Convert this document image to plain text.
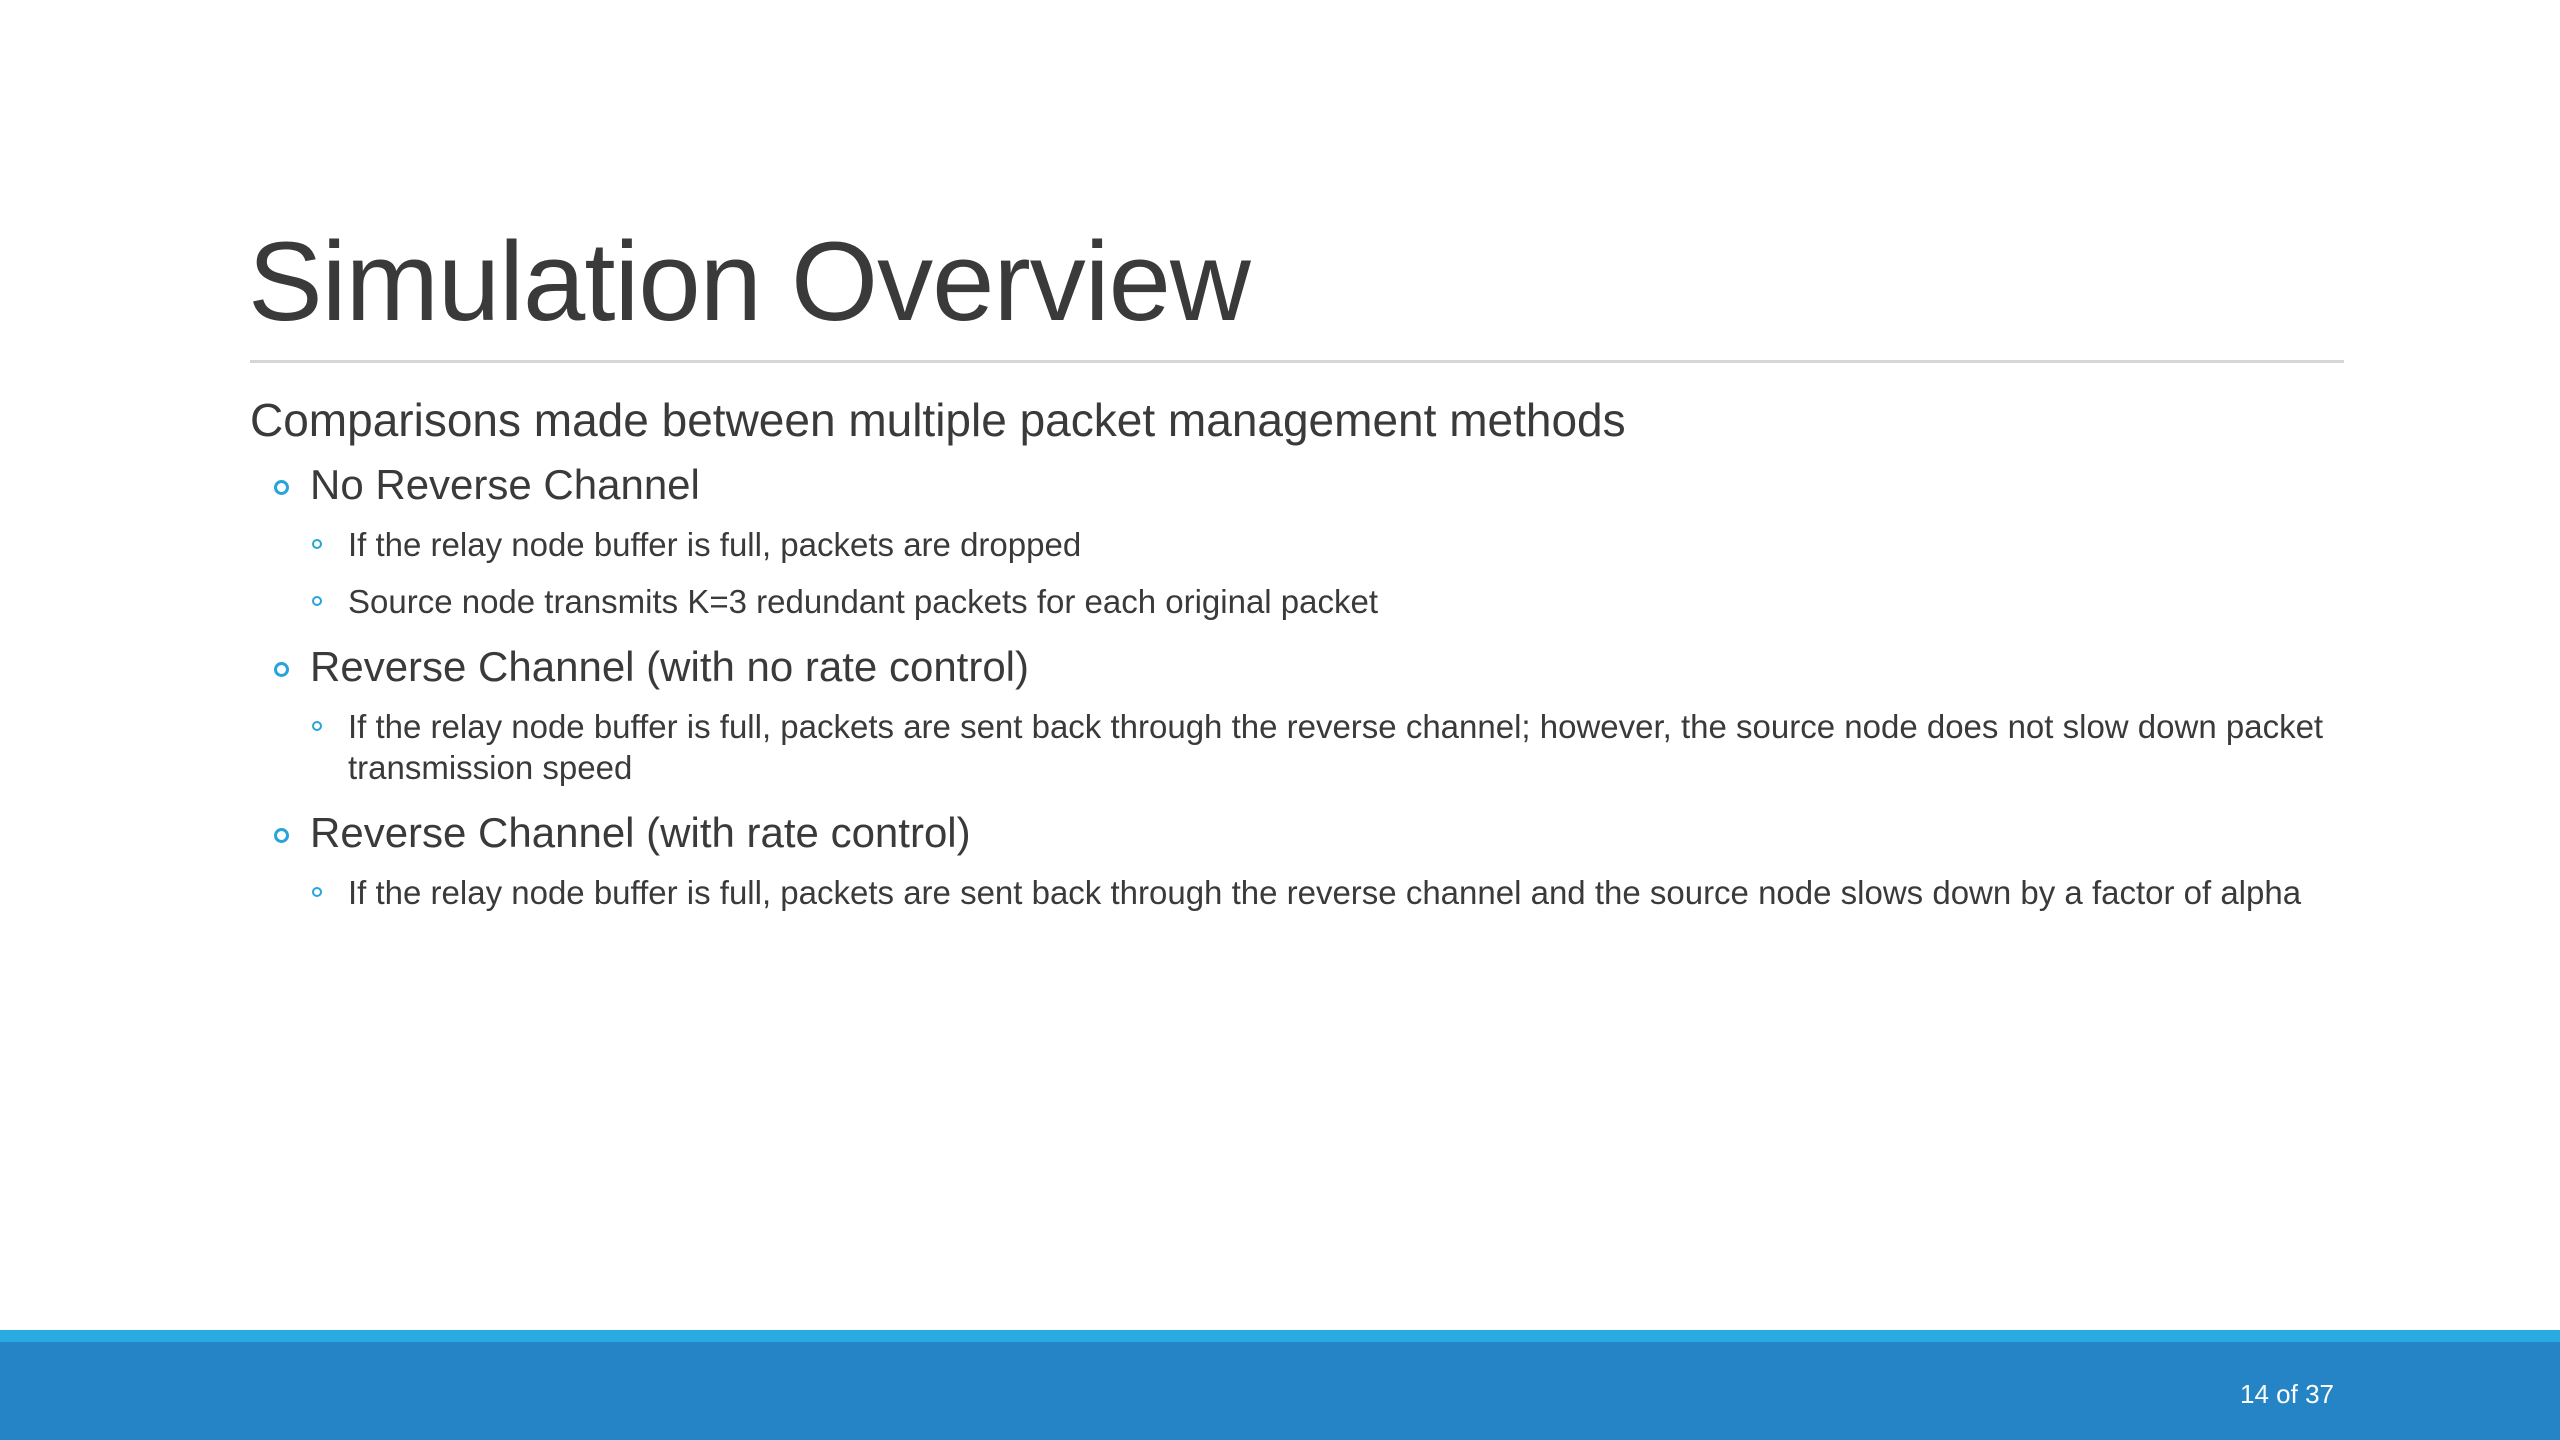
Simulation Overview
Comparisons made between multiple packet management methods
No Reverse Channel
If the relay node buffer is full, packets are dropped
Source node transmits K=3 redundant packets for each original packet
Reverse Channel (with no rate control)
If the relay node buffer is full, packets are sent back through the reverse channel; however, the source node does not slow down packet transmission speed
Reverse Channel (with rate control)
If the relay node buffer is full, packets are sent back through the reverse channel and the source node slows down by a factor of alpha
14 of 37
